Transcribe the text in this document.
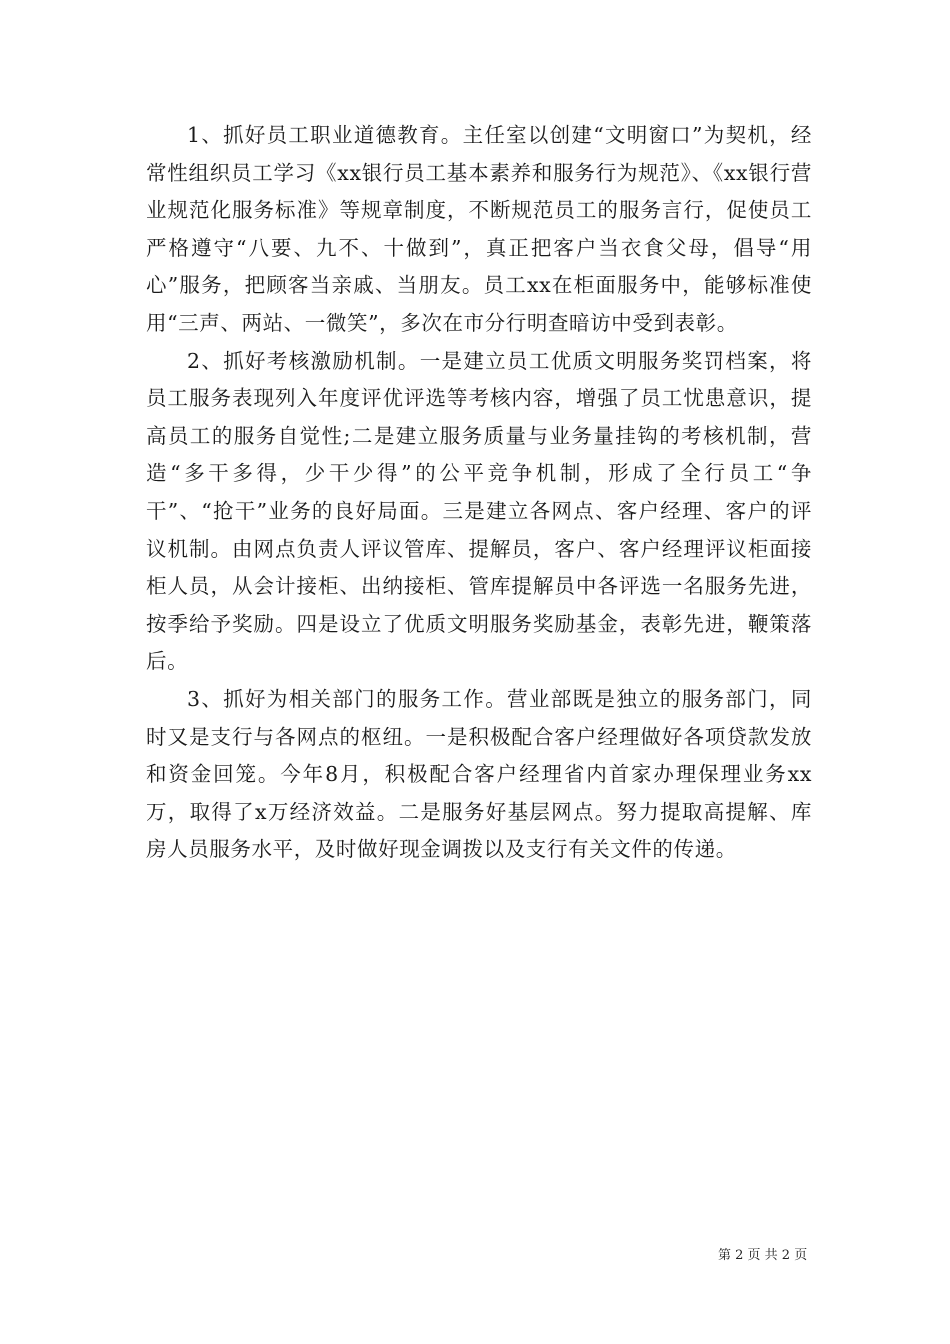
1、抓好员工职业道德教育。主任室以创建“文明窗口”为契机，经常性组织员工学习《xx银行员工基本素养和服务行为规范》、《xx银行营业规范化服务标准》等规章制度，不断规范员工的服务言行，促使员工严格遵守“八要、九不、十做到”，真正把客户当衣食父母，倡导“用心”服务，把顾客当亲戚、当朋友。员工xx在柜面服务中，能够标准使用“三声、两站、一微笑”，多次在市分行明查暗访中受到表彰。

2、抓好考核激励机制。一是建立员工优质文明服务奖罚档案，将员工服务表现列入年度评优评选等考核内容，增强了员工忧患意识，提高员工的服务自觉性;二是建立服务质量与业务量挂钩的考核机制，营造“多干多得，少干少得”的公平竞争机制，形成了全行员工“争干”、“抢干”业务的良好局面。三是建立各网点、客户经理、客户的评议机制。由网点负责人评议管库、提解员，客户、客户经理评议柜面接柜人员，从会计接柜、出纳接柜、管库提解员中各评选一名服务先进，按季给予奖励。四是设立了优质文明服务奖励基金，表彰先进，鞭策落后。

3、抓好为相关部门的服务工作。营业部既是独立的服务部门，同时又是支行与各网点的枢纽。一是积极配合客户经理做好各项贷款发放和资金回笼。今年8月，积极配合客户经理省内首家办理保理业务xx万，取得了x万经济效益。二是服务好基层网点。努力提取高提解、库房人员服务水平，及时做好现金调拨以及支行有关文件的传递。

第 2 页 共 2 页
